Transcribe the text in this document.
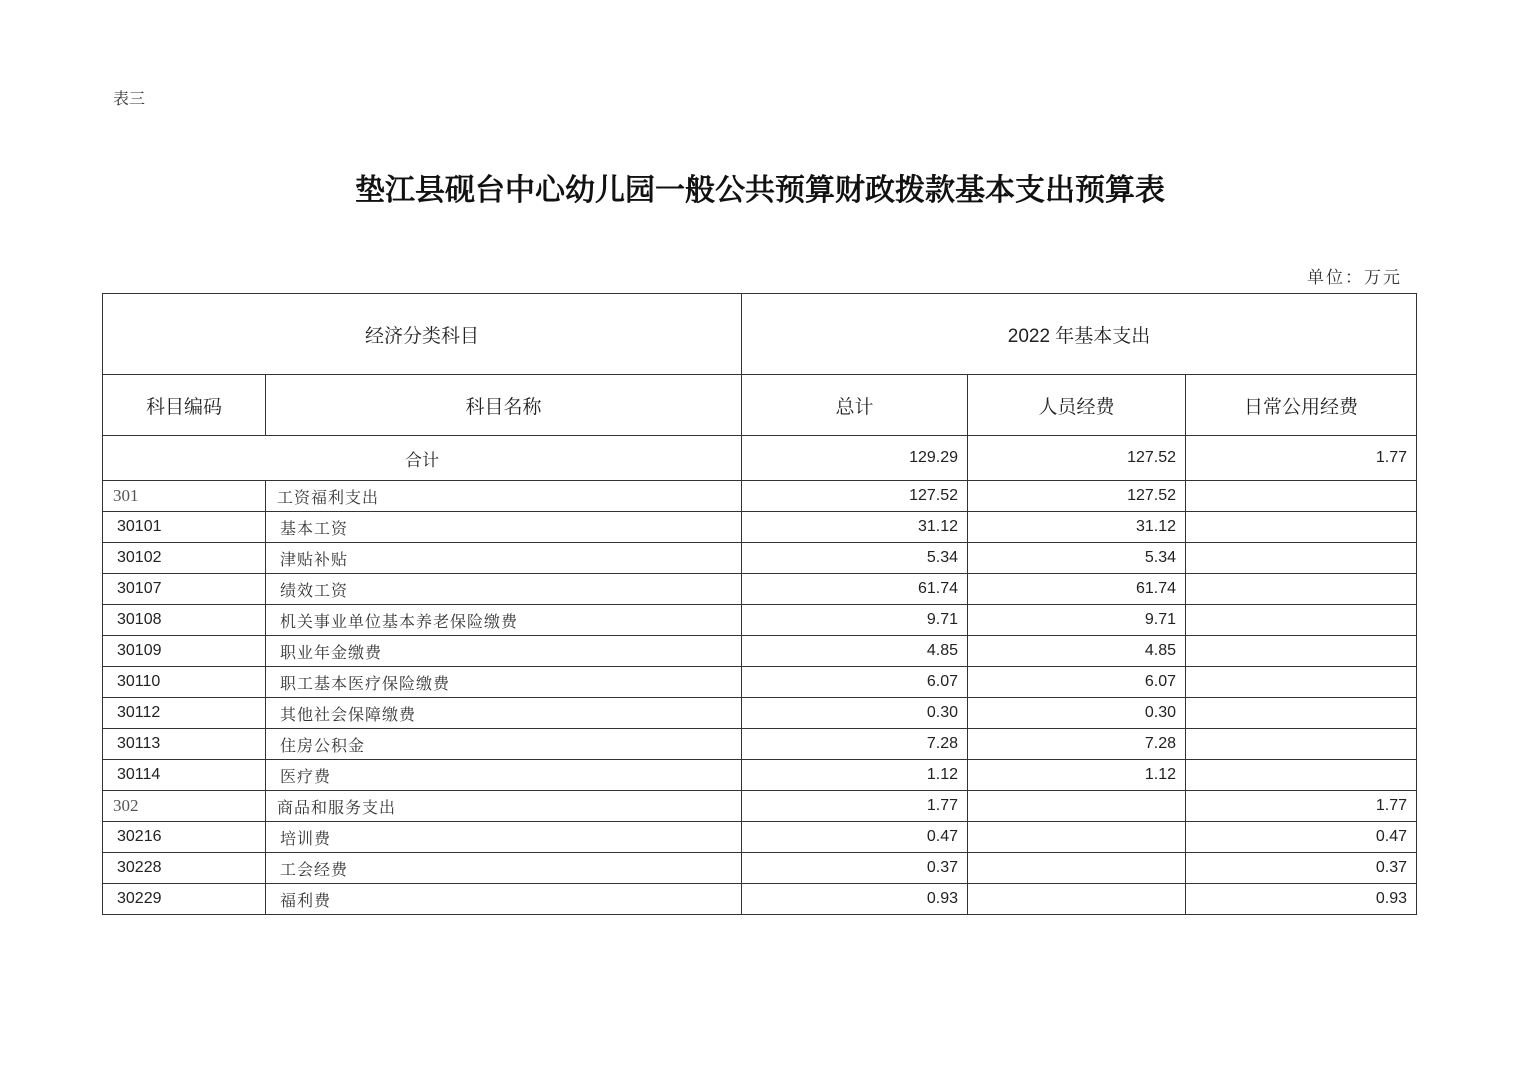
表三
垫江县砚台中心幼儿园一般公共预算财政拨款基本支出预算表
单位：万元
经济分类科目		2022 年基本支出		
科目编码	科目名称	总计	人员经费	日常公用经费
合计		129.29	127.52	1.77
301	工资福利支出	127.52	127.52	
30101	基本工资	31.12	31.12	
30102	津贴补贴	5.34	5.34	
30107	绩效工资	61.74	61.74	
30108	机关事业单位基本养老保险缴费	9.71	9.71	
30109	职业年金缴费	4.85	4.85	
30110	职工基本医疗保险缴费	6.07	6.07	
30112	其他社会保障缴费	0.30	0.30	
30113	住房公积金	7.28	7.28	
30114	医疗费	1.12	1.12	
302	商品和服务支出	1.77		1.77
30216	培训费	0.47		0.47
30228	工会经费	0.37		0.37
30229	福利费	0.93		0.93
